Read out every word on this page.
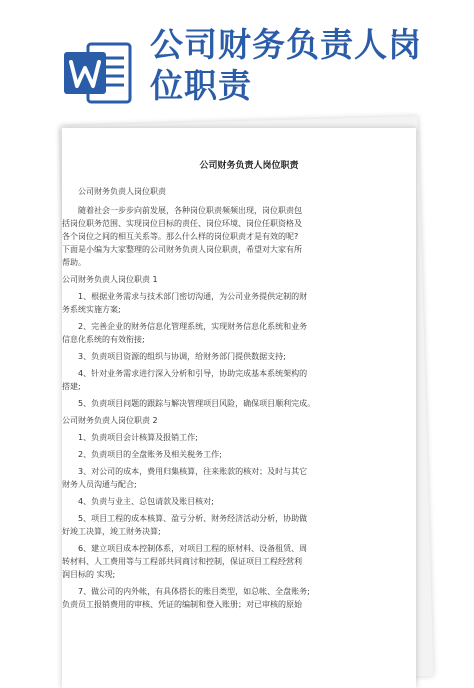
公司财务负责人岗
位职责
公司财务负责人岗位职责
公司财务负责人岗位职责
随着社会一步步向前发展，各种岗位职责频频出现，岗位职责包
括岗位职务范围、实现岗位目标的责任、岗位环境、岗位任职资格及
各个岗位之间的相互关系等。那么什么样的岗位职责才是有效的呢?
下面是小编为大家整理的公司财务负责人岗位职责，希望对大家有所
帮助。
公司财务负责人岗位职责 1
1、根据业务需求与技术部门密切沟通，为公司业务提供定制的财
务系统实施方案;
2、完善企业的财务信息化管理系统，实现财务信息化系统和业务
信息化系统的有效衔接;
3、负责项目资源的组织与协调，给财务部门提供数据支持;
4、针对业务需求进行深入分析和引导，协助完成基本系统架构的
搭建;
5、负责项目问题的跟踪与解决管理项目风险，确保项目顺利完成。
公司财务负责人岗位职责 2
1、负责项目会计核算及报销工作;
2、负责项目的全盘账务及相关税务工作;
3、对公司的成本，费用归集核算，往来账款的核对；及时与其它
财务人员沟通与配合;
4、负责与业主、总包请款及账目核对;
5、项目工程的成本核算、盈亏分析、财务经济活动分析，协助做
好竣工决算，竣工财务决算;
6、建立项目成本控制体系，对项目工程的原材料、设备租赁、周
转材料、人工费用等与工程部共同商讨和控制，保证项目工程经营利
润目标的 实现;
7、做公司的内外帐，有具体搭长的账目类型，如总帐、全盘账务;
负责员工报销费用的审核、凭证的编制和登入账册；对已审核的原始
